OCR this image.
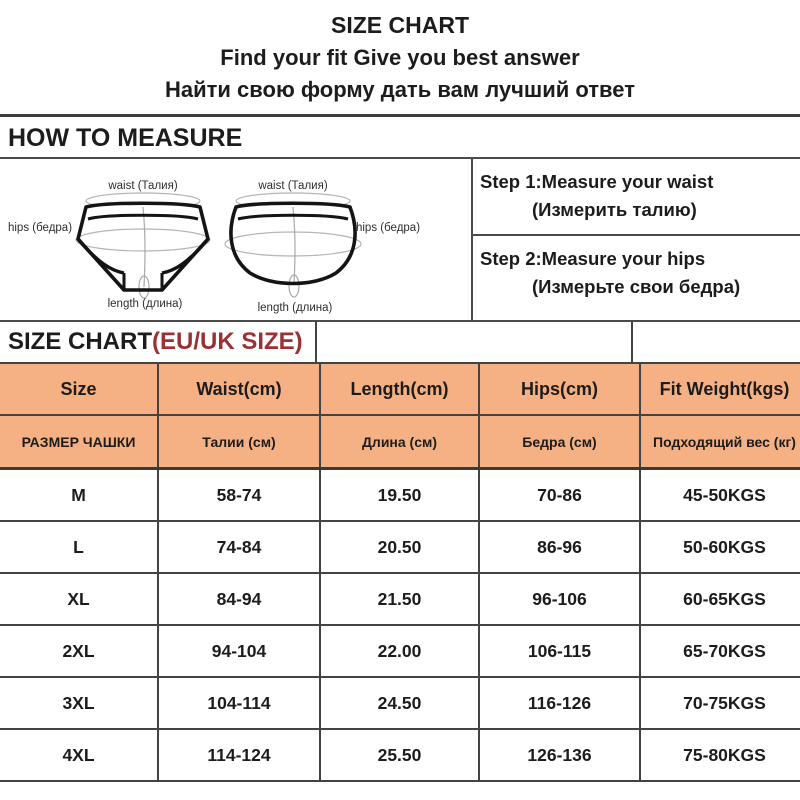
SIZE CHART
Find your fit Give you best answer
Найти свою форму дать вам лучший ответ
HOW TO MEASURE
waist (Талия)
hips (бедра)
length (длина)
waist (Талия)
hips (бедра)
length (длина)
Step 1:Measure your waist
(Измерить талию)
Step 2:Measure your hips
(Измерьте свои бедра)
SIZE CHART(EU/UK SIZE)
Size	Waist(cm)	Length(cm)	Hips(cm)	Fit Weight(kgs)
РАЗМЕР ЧАШКИ	Талии (см)	Длина (см)	Бедра (см)	Подходящий вес (кг)
M	58-74	19.50	70-86	45-50KGS
L	74-84	20.50	86-96	50-60KGS
XL	84-94	21.50	96-106	60-65KGS
2XL	94-104	22.00	106-115	65-70KGS
3XL	104-114	24.50	116-126	70-75KGS
4XL	114-124	25.50	126-136	75-80KGS
